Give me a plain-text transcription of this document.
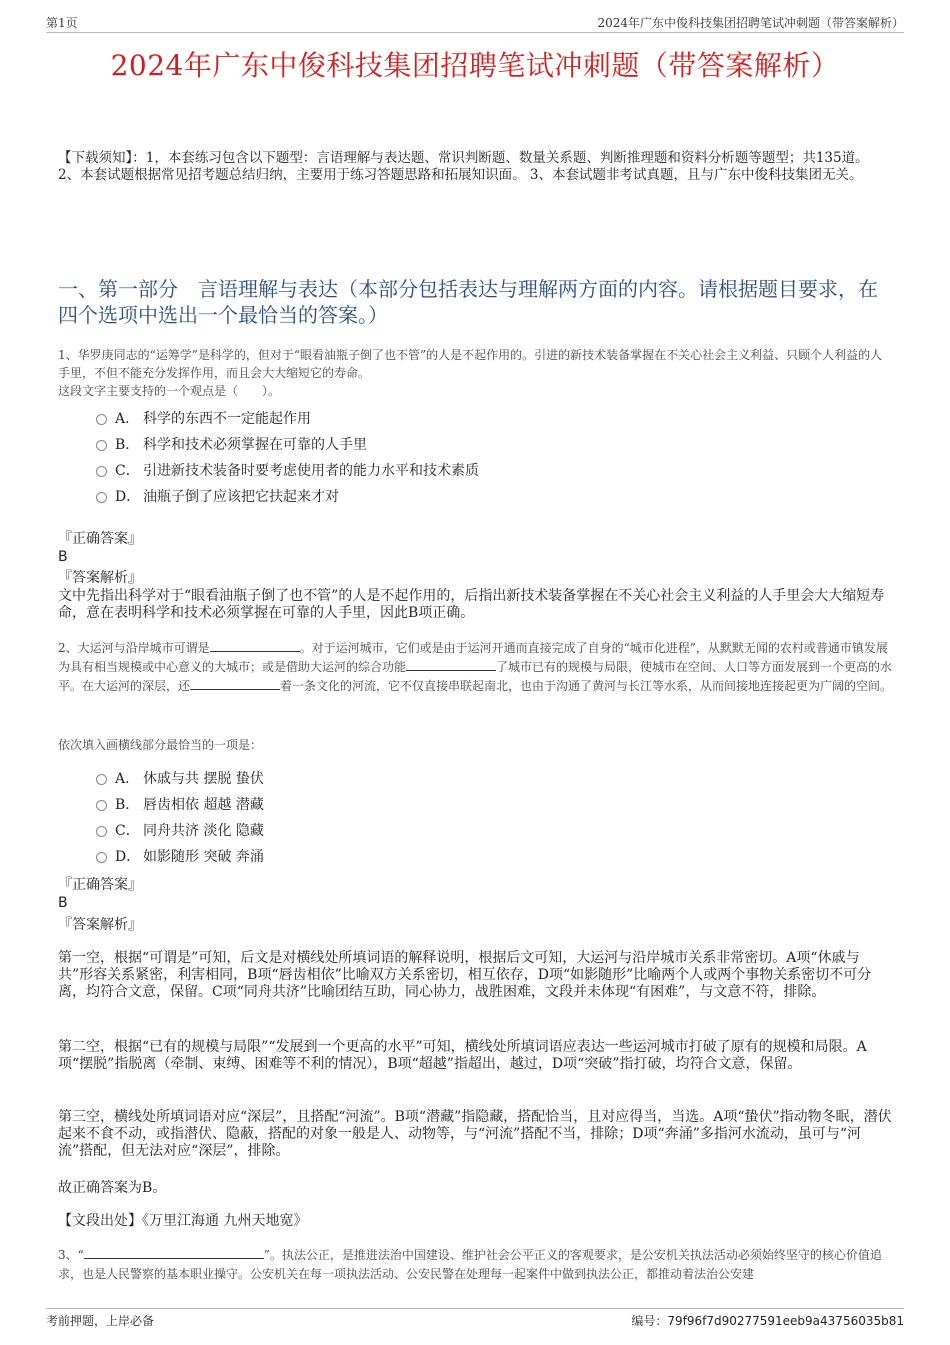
第1页	2024年广东中俊科技集团招聘笔试冲刺题（带答案解析）
2024年广东中俊科技集团招聘笔试冲刺题（带答案解析）
【下载须知】：1，本套练习包含以下题型：言语理解与表达题、常识判断题、数量关系题、判断推理题和资料分析题等题型；共135道。 2、本套试题根据常见招考题总结归纳，主要用于练习答题思路和拓展知识面。 3、本套试题非考试真题，且与广东中俊科技集团无关。
一、第一部分　言语理解与表达（本部分包括表达与理解两方面的内容。请根据题目要求，在四个选项中选出一个最恰当的答案。）
1、华罗庚同志的“运筹学”是科学的，但对于“眼看油瓶子倒了也不管”的人是不起作用的。引进的新技术装备掌握在不关心社会主义利益、只顾个人利益的人手里，不但不能充分发挥作用，而且会大大缩短它的寿命。
这段文字主要支持的一个观点是（　　）。
A． 科学的东西不一定能起作用
B． 科学和技术必须掌握在可靠的人手里
C． 引进新技术装备时要考虑使用者的能力水平和技术素质
D． 油瓶子倒了应该把它扶起来才对
『正确答案』
B
『答案解析』
文中先指出科学对于“眼看油瓶子倒了也不管”的人是不起作用的，后指出新技术装备掌握在不关心社会主义利益的人手里会大大缩短寿命，意在表明科学和技术必须掌握在可靠的人手里，因此B项正确。
2、大运河与沿岸城市可谓是	。对于运河城市，它们或是由于运河开通而直接完成了自身的“城市化进程”，从默默无闻的农村或普通市镇发展为具有相当规模或中心意义的大城市；或是借助大运河的综合功能	了城市已有的规模与局限，使城市在空间、人口等方面发展到一个更高的水平。在大运河的深层，还	着一条文化的河流，它不仅直接串联起南北，也由于沟通了黄河与长江等水系，从而间接地连接起更为广阔的空间。
依次填入画横线部分最恰当的一项是：
A． 休戚与共 摆脱 蛰伏
B． 唇齿相依 超越 潜藏
C． 同舟共济 淡化 隐藏
D． 如影随形 突破 奔涌
『正确答案』
B
『答案解析』
第一空，根据“可谓是”可知，后文是对横线处所填词语的解释说明，根据后文可知，大运河与沿岸城市关系非常密切。A项“休戚与共”形容关系紧密，利害相同，B项“唇齿相依”比喻双方关系密切，相互依存，D项“如影随形”比喻两个人或两个事物关系密切不可分离，均符合文意，保留。C项“同舟共济”比喻团结互助，同心协力，战胜困难，文段并未体现“有困难”，与文意不符，排除。
第二空，根据“已有的规模与局限”“发展到一个更高的水平”可知，横线处所填词语应表达一些运河城市打破了原有的规模和局限。A项“摆脱”指脱离（牵制、束缚、困难等不利的情况），B项“超越”指超出，越过，D项“突破”指打破，均符合文意，保留。
第三空，横线处所填词语对应“深层”，且搭配“河流”。B项“潜藏”指隐藏，搭配恰当，且对应得当，当选。A项“蛰伏”指动物冬眠，潜伏起来不食不动，或指潜伏、隐蔽，搭配的对象一般是人、动物等，与“河流”搭配不当，排除；D项“奔涌”多指河水流动，虽可与“河流”搭配，但无法对应“深层”，排除。
故正确答案为B。
【文段出处】《万里江海通 九州天地宽》
3、“	”。执法公正，是推进法治中国建设、维护社会公平正义的客观要求，是公安机关执法活动必须始终坚守的核心价值追求，也是人民警察的基本职业操守。公安机关在每一项执法活动、公安民警在处理每一起案件中做到执法公正，都推动着法治公安建
考前押题，上岸必备	编号：79f96f7d90277591eeb9a43756035b81
